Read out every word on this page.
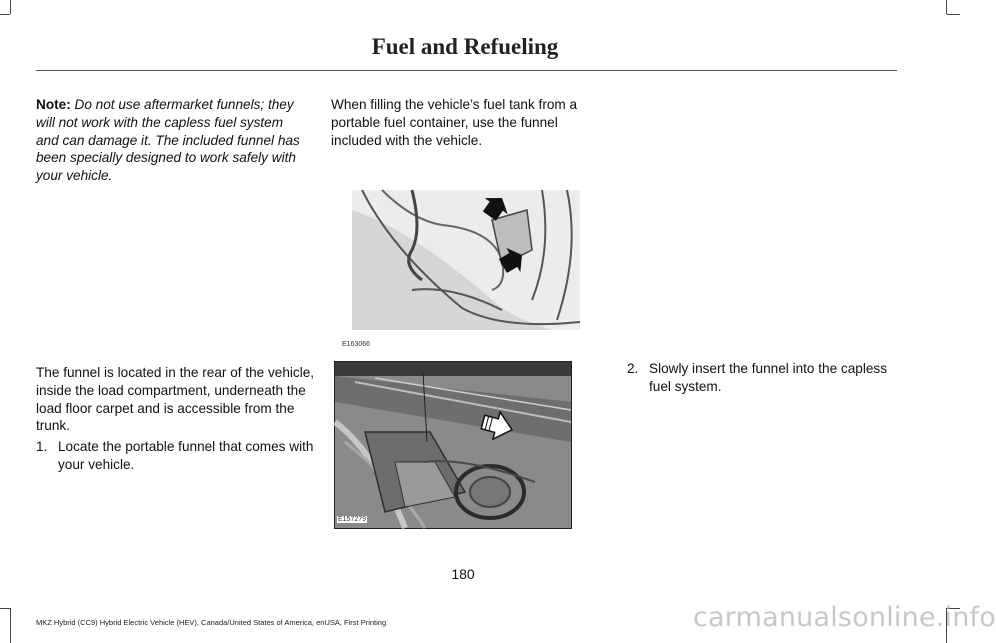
Fuel and Refueling
Note: Do not use aftermarket funnels; they will not work with the capless fuel system and can damage it. The included funnel has been specially designed to work safely with your vehicle.
When filling the vehicle’s fuel tank from a portable fuel container, use the funnel included with the vehicle.
E163066
The funnel is located in the rear of the vehicle, inside the load compartment, underneath the load floor carpet and is accessible from the trunk.
1. Locate the portable funnel that comes with your vehicle.
E157279
2. Slowly insert the funnel into the capless fuel system.
180
MKZ Hybrid (CC9) Hybrid Electric Vehicle (HEV), Canada/United States of America, enUSA, First Printing	carmanualsonline.info
